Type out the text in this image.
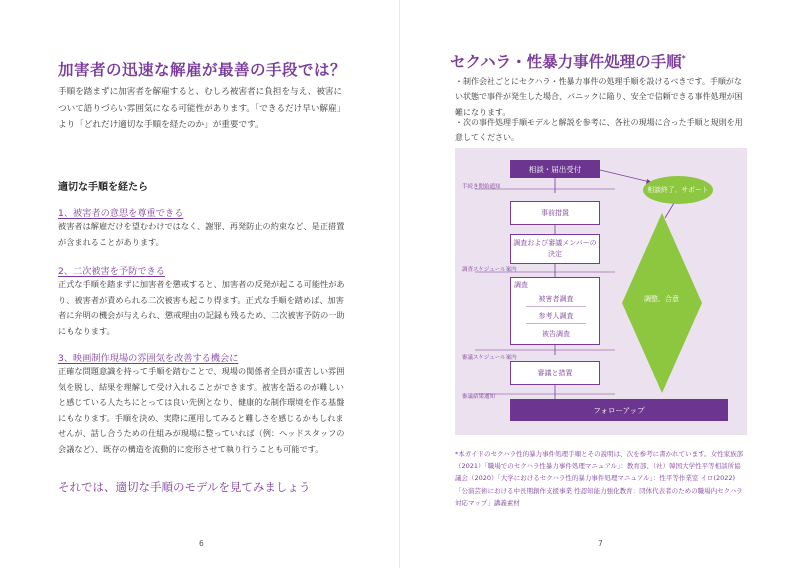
加害者の迅速な解雇が最善の手段では？

手順を踏まずに加害者を解雇すると、むしろ被害者に負担を与え、被害について語りづらい雰囲気になる可能性があります。「できるだけ早い解雇」より「どれだけ適切な手順を経たのか」が重要です。

適切な手順を経たら

1、被害者の意思を尊重できる

被害者は解雇だけを望むわけではなく、謝罪、再発防止の約束など、是正措置が含まれることがあります。

2、二次被害を予防できる

正式な手順を踏まずに加害者を懲戒すると、加害者の反発が起こる可能性があり、被害者が責められる二次被害も起こり得ます。正式な手順を踏めば、加害者に弁明の機会が与えられ、懲戒理由の記録も残るため、二次被害予防の一助にもなります。

3、映画制作現場の雰囲気を改善する機会に

正確な問題意識を持って手順を踏むことで、現場の関係者全員が重苦しい雰囲気を脱し、結果を理解して受け入れることができます。被害を語るのが難しいと感じている人たちにとっては良い先例となり、健康的な制作環境を作る基盤にもなります。手順を決め、実際に運用してみると難しさを感じるかもしれませんが、話し合うための仕組みが現場に整っていれば（例：ヘッドスタッフの会議など）、既存の構造を流動的に変形させて執り行うことも可能です。

それでは、適切な手順のモデルを見てみましょう

6
セクハラ・性暴力事件処理の手順*

・制作会社ごとにセクハラ・性暴力事件の処理手順を設けるべきです。手順がない状態で事件が発生した場合、パニックに陥り、安全で信頼できる事件処理が困難になります。

・次の事件処理手順モデルと解説を参考に、各社の現場に合った手順と規則を用意してください。

相談・届出受付
手続き開始通知
事前措置
調査および審議メンバーの決定
調査スケジュール案内
調査
被害者調査
参考人調査
被告調査
審議スケジュール案内
審議と措置
審議結果通知
フォローアップ
相談終了、サポート
調整、合意

*本ガイドのセクハラ性的暴力事件処理手順とその説明は、次を参考に書かれています。女性家族部（2021）「職場でのセクハラ性暴力事件処理マニュアル」：教育部、（社）韓国大学性平等相談所協議会（2020）「大学におけるセクハラ性的暴力事件処理マニュアル」：性平等作業室 イロ(2022)「公演芸術における中長期創作支援事業 性認知能力強化教育：団体代表者のための職場内セクハラ対応マップ」講義素材

7
